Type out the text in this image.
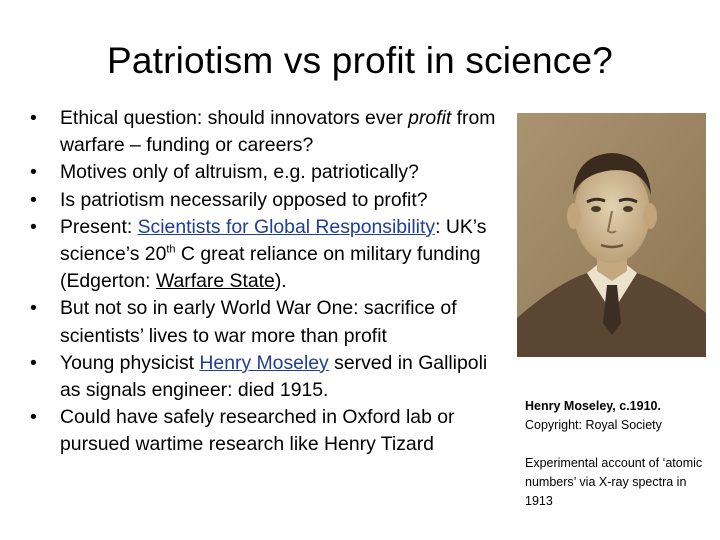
Patriotism vs profit in science?
•	Ethical question: should innovators ever profit from warfare – funding or careers?
•	Motives only of altruism, e.g. patriotically?
•	Is patriotism necessarily opposed to profit?
•	Present: Scientists for Global Responsibility: UK’s science’s 20th C great reliance on military funding (Edgerton: Warfare State).
•	But not so in early World War One: sacrifice of scientists’ lives to war more than profit
•	Young physicist Henry Moseley served in Gallipoli as signals engineer: died 1915.
•	Could have safely researched in Oxford lab or pursued wartime research like Henry Tizard
Henry Moseley, c.1910.
Copyright: Royal Society
Experimental account of ‘atomic numbers’ via X-ray spectra in 1913
